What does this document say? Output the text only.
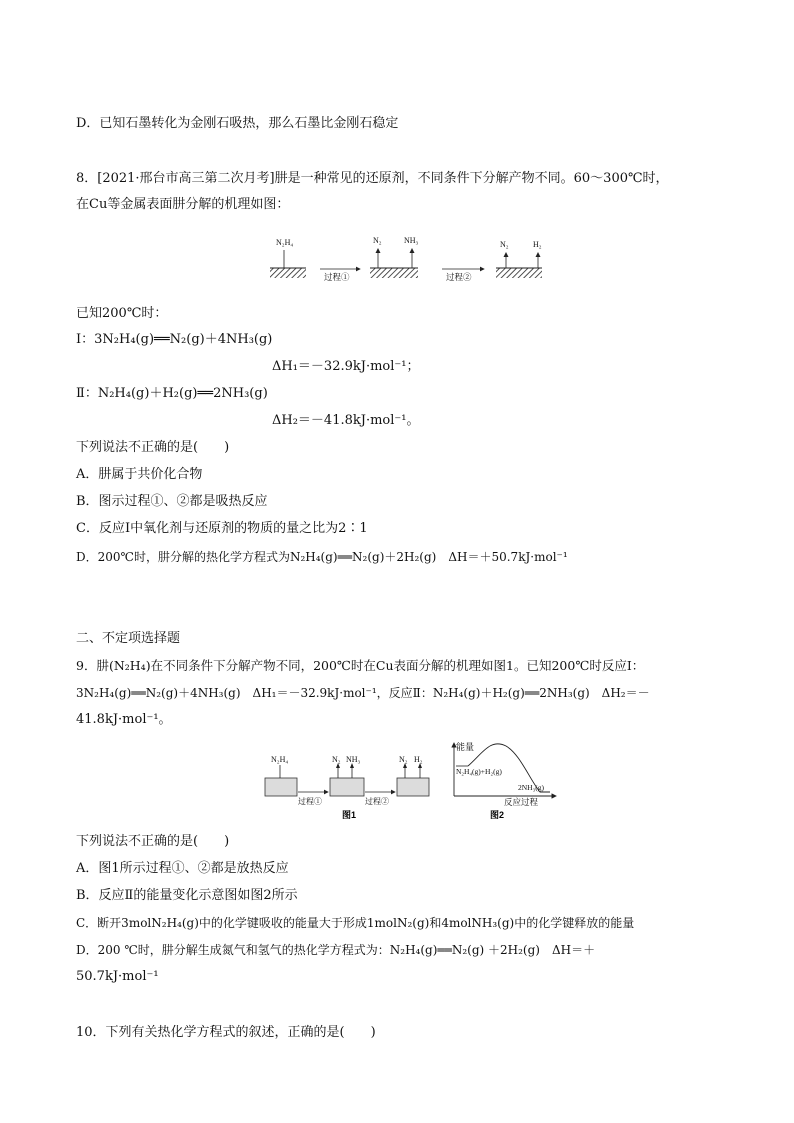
D．已知石墨转化为金刚石吸热，那么石墨比金刚石稳定
8．[2021·邢台市高三第二次月考]肼是一种常见的还原剂，不同条件下分解产物不同。60～300℃时，
在Cu等金属表面肼分解的机理如图：
N₂H₄
过程①
N₂	NH₃
过程②
N₂	H₂
已知200℃时：
Ⅰ：3N₂H₄(g)══N₂(g)＋4NH₃(g)
ΔH₁＝－32.9kJ·mol⁻¹；
Ⅱ：N₂H₄(g)＋H₂(g)══2NH₃(g)
ΔH₂＝－41.8kJ·mol⁻¹。
下列说法不正确的是(　　)
A．肼属于共价化合物
B．图示过程①、②都是吸热反应
C．反应Ⅰ中氧化剂与还原剂的物质的量之比为2∶1
D．200℃时，肼分解的热化学方程式为N₂H₄(g)══N₂(g)＋2H₂(g)　ΔH＝＋50.7kJ·mol⁻¹
二、不定项选择题
9．肼(N₂H₄)在不同条件下分解产物不同，200℃时在Cu表面分解的机理如图1。已知200℃时反应Ⅰ：
3N₂H₄(g)══N₂(g)＋4NH₃(g)　ΔH₁＝－32.9kJ·mol⁻¹，反应Ⅱ：N₂H₄(g)＋H₂(g)══2NH₃(g)　ΔH₂＝－
41.8kJ·mol⁻¹。
N₂H₄
过程①
N₂ NH₃
过程②
N₂ H₂
图1
能量
N₂H₄(g)+H₂(g)
2NH₃(g)
反应过程
图2
下列说法不正确的是(　　)
A．图1所示过程①、②都是放热反应
B．反应Ⅱ的能量变化示意图如图2所示
C．断开3molN₂H₄(g)中的化学键吸收的能量大于形成1molN₂(g)和4molNH₃(g)中的化学键释放的能量
D．200 ℃时，肼分解生成氮气和氢气的热化学方程式为：N₂H₄(g)══N₂(g) ＋2H₂(g)　ΔH＝＋
50.7kJ·mol⁻¹
10．下列有关热化学方程式的叙述，正确的是(　　)
